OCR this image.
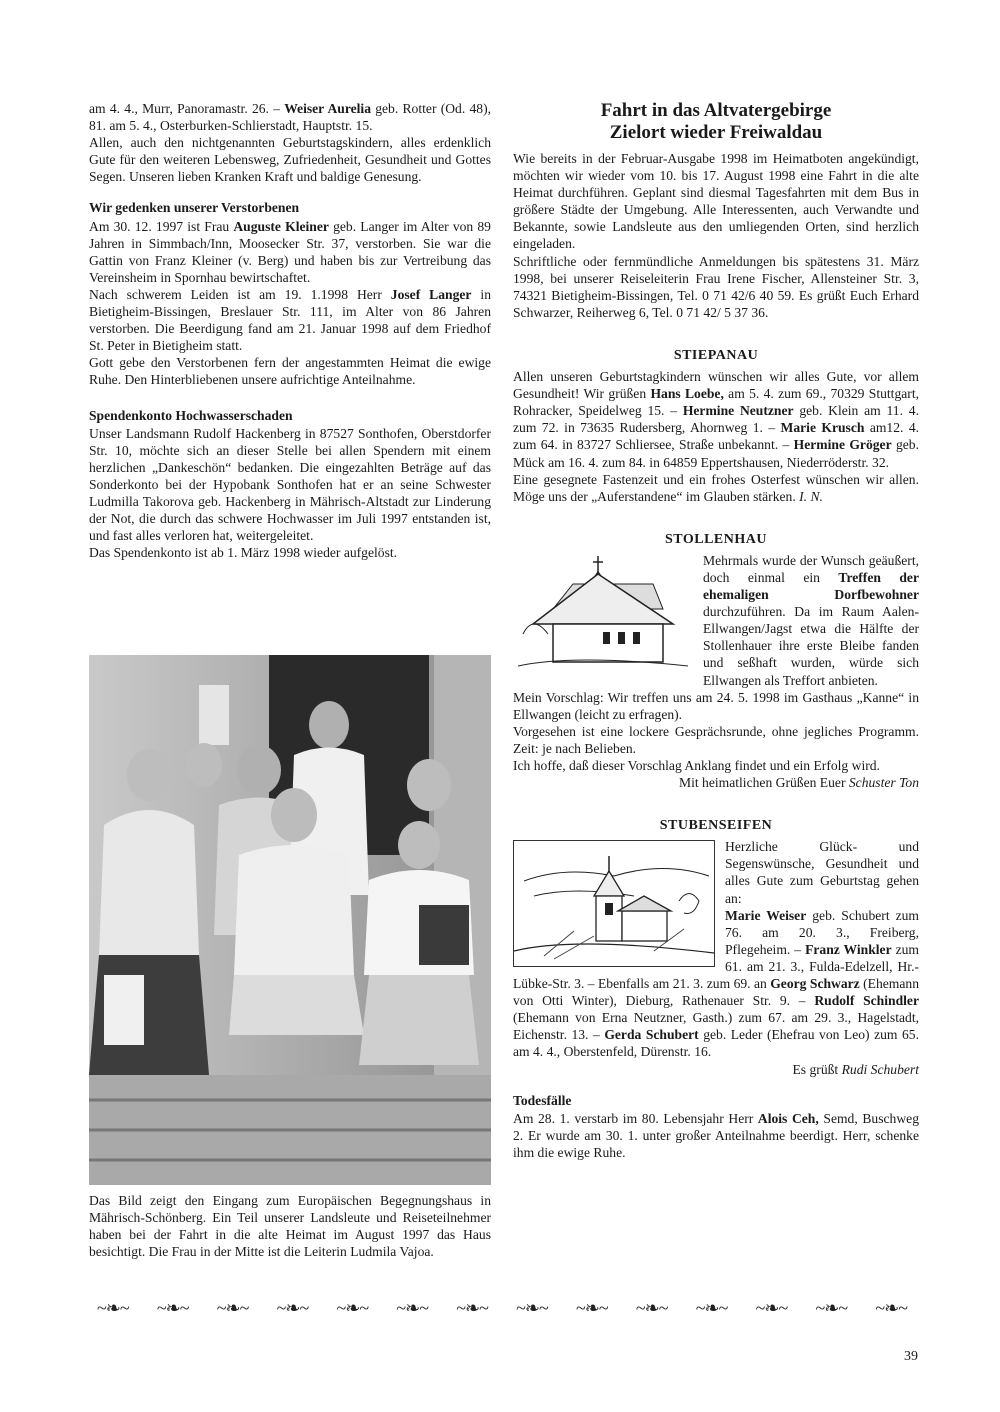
am 4. 4., Murr, Panoramastr. 26. – Weiser Aurelia geb. Rotter (Od. 48), 81. am 5. 4., Osterburken-Schlierstadt, Hauptstr. 15.

Allen, auch den nichtgenannten Geburtstagskindern, alles erdenklich Gute für den weiteren Lebensweg, Zufriedenheit, Gesundheit und Gottes Segen. Unseren lieben Kranken Kraft und baldige Genesung.

Wir gedenken unserer Verstorbenen

Am 30. 12. 1997 ist Frau Auguste Kleiner geb. Langer im Alter von 89 Jahren in Simmbach/Inn, Moosecker Str. 37, verstorben. Sie war die Gattin von Franz Kleiner (v. Berg) und haben bis zur Vertreibung das Vereinsheim in Spornhau bewirtschaftet.

Nach schwerem Leiden ist am 19. 1.1998 Herr Josef Langer in Bietigheim-Bissingen, Breslauer Str. 111, im Alter von 86 Jahren verstorben. Die Beerdigung fand am 21. Januar 1998 auf dem Friedhof St. Peter in Bietigheim statt.

Gott gebe den Verstorbenen fern der angestammten Heimat die ewige Ruhe. Den Hinterbliebenen unsere aufrichtige Anteilnahme.

Spendenkonto Hochwasserschaden

Unser Landsmann Rudolf Hackenberg in 87527 Sonthofen, Oberstdorfer Str. 10, möchte sich an dieser Stelle bei allen Spendern mit einem herzlichen „Dankeschön“ bedanken. Die eingezahlten Beträge auf das Sonderkonto bei der Hypobank Sonthofen hat er an seine Schwester Ludmilla Takorova geb. Hackenberg in Mährisch-Altstadt zur Linderung der Not, die durch das schwere Hochwasser im Juli 1997 entstanden ist, und fast alles verloren hat, weitergeleitet.

Das Spendenkonto ist ab 1. März 1998 wieder aufgelöst.

Das Bild zeigt den Eingang zum Europäischen Begegnungshaus in Mährisch-Schönberg. Ein Teil unserer Landsleute und Reiseteilnehmer haben bei der Fahrt in die alte Heimat im August 1997 das Haus besichtigt. Die Frau in der Mitte ist die Leiterin Ludmila Vajoa.
Fahrt in das Altvatergebirge
Zielort wieder Freiwaldau

Wie bereits in der Februar-Ausgabe 1998 im Heimatboten angekündigt, möchten wir wieder vom 10. bis 17. August 1998 eine Fahrt in die alte Heimat durchführen. Geplant sind diesmal Tagesfahrten mit dem Bus in größere Städte der Umgebung. Alle Interessenten, auch Verwandte und Bekannte, sowie Landsleute aus den umliegenden Orten, sind herzlich eingeladen.

Schriftliche oder fernmündliche Anmeldungen bis spätestens 31. März 1998, bei unserer Reiseleiterin Frau Irene Fischer, Allensteiner Str. 3, 74321 Bietigheim-Bissingen, Tel. 0 71 42/6 40 59. Es grüßt Euch Erhard Schwarzer, Reiherweg 6, Tel. 0 71 42/ 5 37 36.

STIEPANAU

Allen unseren Geburtstagkindern wünschen wir alles Gute, vor allem Gesundheit! Wir grüßen Hans Loebe, am 5. 4. zum 69., 70329 Stuttgart, Rohracker, Speidelweg 15. – Hermine Neutzner geb. Klein am 11. 4. zum 72. in 73635 Rudersberg, Ahornweg 1. – Marie Krusch am12. 4. zum 64. in 83727 Schliersee, Straße unbekannt. – Hermine Gröger geb. Mück am 16. 4. zum 84. in 64859 Eppertshausen, Niederröderstr. 32.

Eine gesegnete Fastenzeit und ein frohes Osterfest wünschen wir allen. Möge uns der „Auferstandene“ im Glauben stärken. I. N.

STOLLENHAU

Mehrmals wurde der Wunsch geäußert, doch einmal ein Treffen der ehemaligen Dorfbewohner durchzuführen. Da im Raum Aalen-Ellwangen/Jagst etwa die Hälfte der Stollenhauer ihre erste Bleibe fanden und seßhaft wurden, würde sich Ellwangen als Treffort anbieten.

Mein Vorschlag: Wir treffen uns am 24. 5. 1998 im Gasthaus „Kanne“ in Ellwangen (leicht zu erfragen).

Vorgesehen ist eine lockere Gesprächsrunde, ohne jegliches Programm. Zeit: je nach Belieben.

Ich hoffe, daß dieser Vorschlag Anklang findet und ein Erfolg wird.

Mit heimatlichen Grüßen Euer Schuster Ton

STUBENSEIFEN

Herzliche Glück- und Segenswünsche, Gesundheit und alles Gute zum Geburtstag gehen an:

Marie Weiser geb. Schubert zum 76. am 20. 3., Freiberg, Pflegeheim. – Franz Winkler zum 61. am 21. 3., Fulda-Edelzell, Hr.-Lübke-Str. 3. – Ebenfalls am 21. 3. zum 69. an Georg Schwarz (Ehemann von Otti Winter), Dieburg, Rathenauer Str. 9. – Rudolf Schindler (Ehemann von Erna Neutzner, Gasth.) zum 67. am 29. 3., Hagelstadt, Eichenstr. 13. – Gerda Schubert geb. Leder (Ehefrau von Leo) zum 65. am 4. 4., Oberstenfeld, Dürenstr. 16.

Es grüßt Rudi Schubert

Todesfälle

Am 28. 1. verstarb im 80. Lebensjahr Herr Alois Ceh, Semd, Buschweg 2. Er wurde am 30. 1. unter großer Anteilnahme beerdigt. Herr, schenke ihm die ewige Ruhe.

~❧~ ~❧~ ~❧~ ~❧~ ~❧~ ~❧~ ~❧~ ~❧~ ~❧~ ~❧~ ~❧~ ~❧~ ~❧~ ~❧~
39
